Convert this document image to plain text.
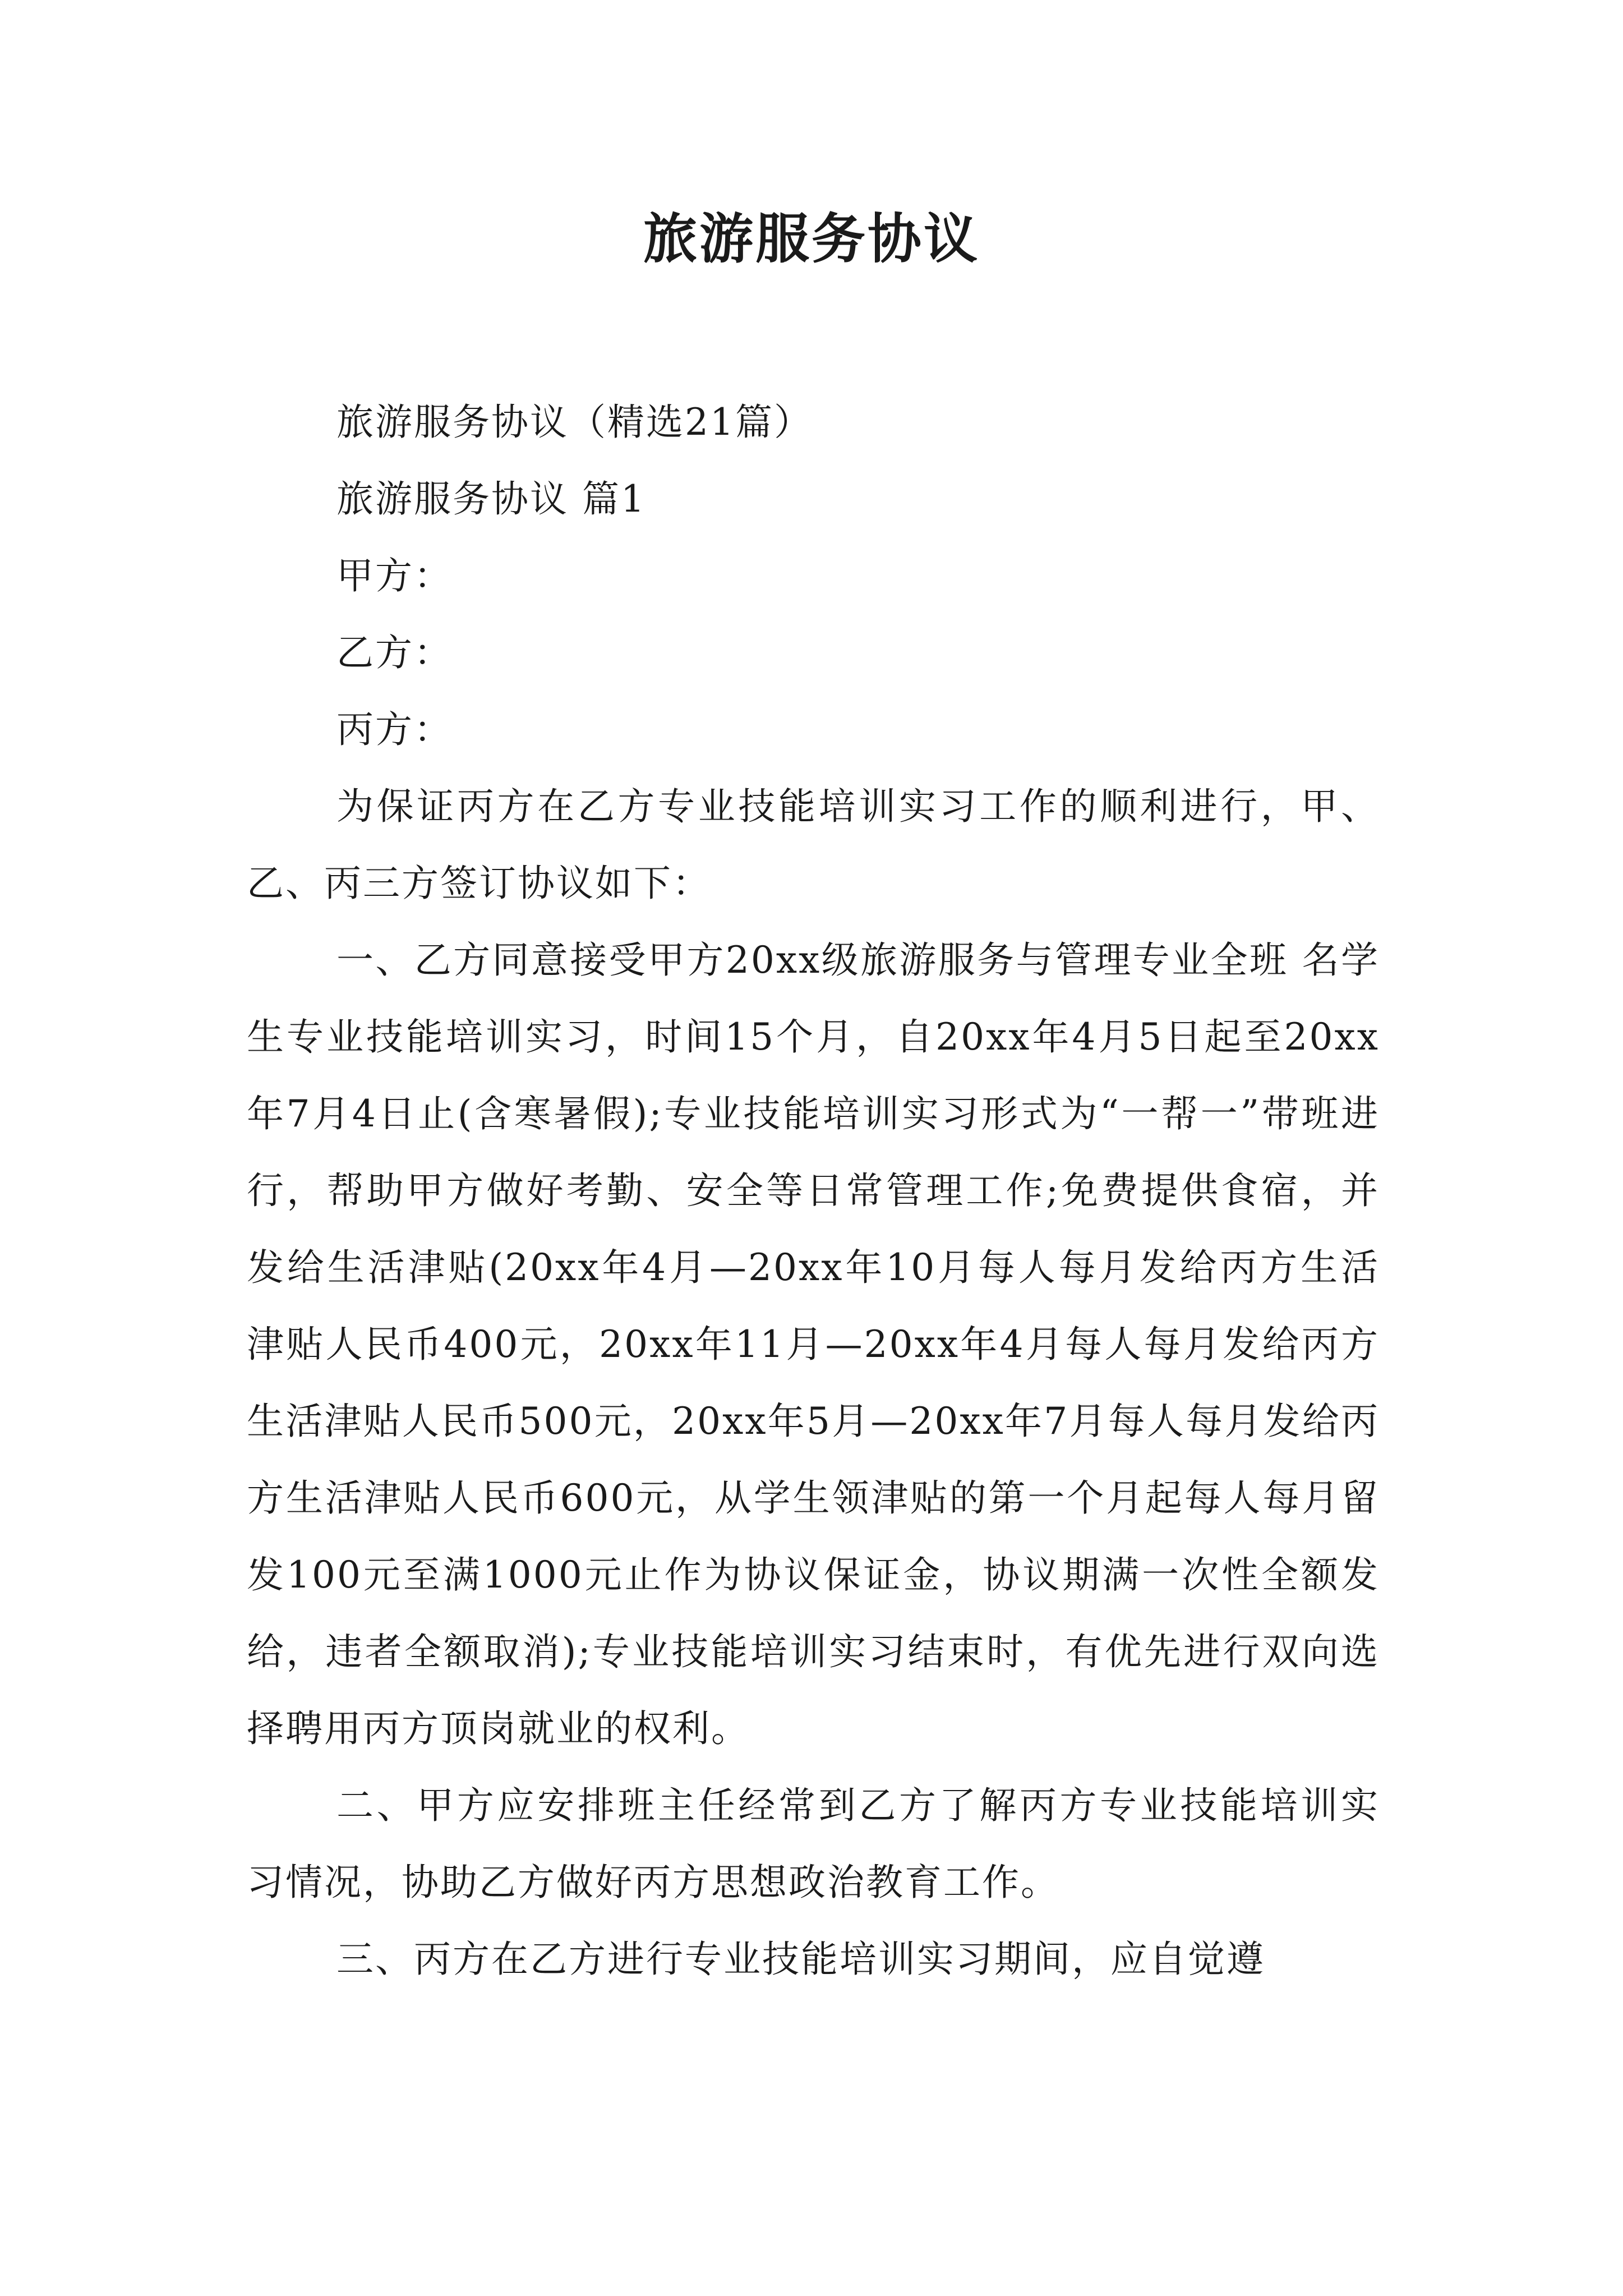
旅游服务协议

旅游服务协议（精选21篇）

旅游服务协议 篇1

甲方：

乙方：

丙方：

为保证丙方在乙方专业技能培训实习工作的顺利进行，甲、乙、丙三方签订协议如下：

一、乙方同意接受甲方20xx级旅游服务与管理专业全班 名学生专业技能培训实习，时间15个月，自20xx年4月5日起至20xx年7月4日止(含寒暑假);专业技能培训实习形式为“一帮一”带班进行，帮助甲方做好考勤、安全等日常管理工作;免费提供食宿，并发给生活津贴(20xx年4月—20xx年10月每人每月发给丙方生活津贴人民币400元，20xx年11月—20xx年4月每人每月发给丙方生活津贴人民币500元，20xx年5月—20xx年7月每人每月发给丙方生活津贴人民币600元，从学生领津贴的第一个月起每人每月留发100元至满1000元止作为协议保证金，协议期满一次性全额发给，违者全额取消);专业技能培训实习结束时，有优先进行双向选择聘用丙方顶岗就业的权利。

二、甲方应安排班主任经常到乙方了解丙方专业技能培训实习情况，协助乙方做好丙方思想政治教育工作。

三、丙方在乙方进行专业技能培训实习期间，应自觉遵
